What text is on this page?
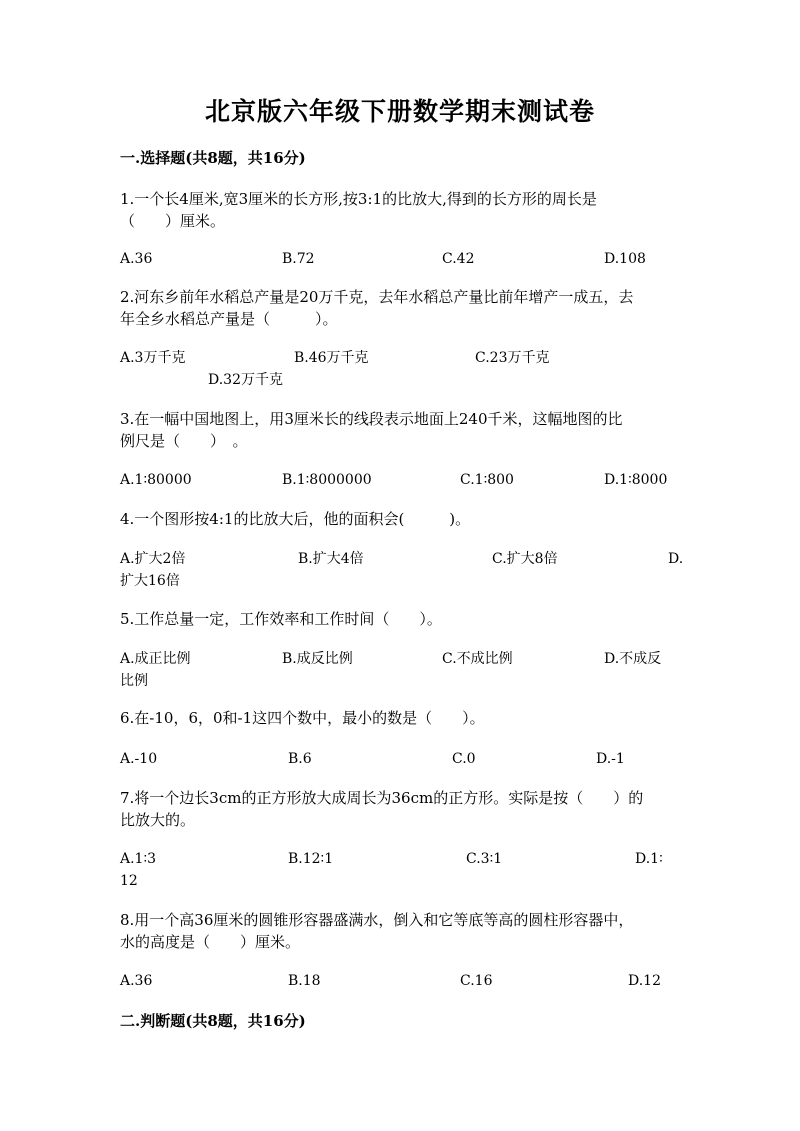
北京版六年级下册数学期末测试卷
一.选择题(共8题，共16分)
1.一个长4厘米,宽3厘米的长方形,按3:1的比放大,得到的长方形的周长是
（　　）厘米。
A.36	B.72	C.42	D.108
2.河东乡前年水稻总产量是20万千克，去年水稻总产量比前年增产一成五，去
年全乡水稻总产量是（　　　）。
A.3万千克	B.46万千克	C.23万千克
D.32万千克
3.在一幅中国地图上，用3厘米长的线段表示地面上240千米，这幅地图的比
例尺是（　　）　。
A.1∶80000	B.1∶8000000	C.1∶800	D.1∶8000
4.一个图形按4:1的比放大后，他的面积会(　　　)。
A.扩大2倍	B.扩大4倍	C.扩大8倍	D.
扩大16倍
5.工作总量一定，工作效率和工作时间（　　）。
A.成正比例	B.成反比例	C.不成比例	D.不成反
比例
6.在-10，6，0和-1这四个数中，最小的数是（　　）。
A.-10	B.6	C.0	D.-1
7.将一个边长3cm的正方形放大成周长为36cm的正方形。实际是按（　　）的
比放大的。
A.1∶3	B.12∶1	C.3∶1	D.1∶
12
8.用一个高36厘米的圆锥形容器盛满水，倒入和它等底等高的圆柱形容器中，
水的高度是（　　）厘米。
A.36	B.18	C.16	D.12
二.判断题(共8题，共16分)
